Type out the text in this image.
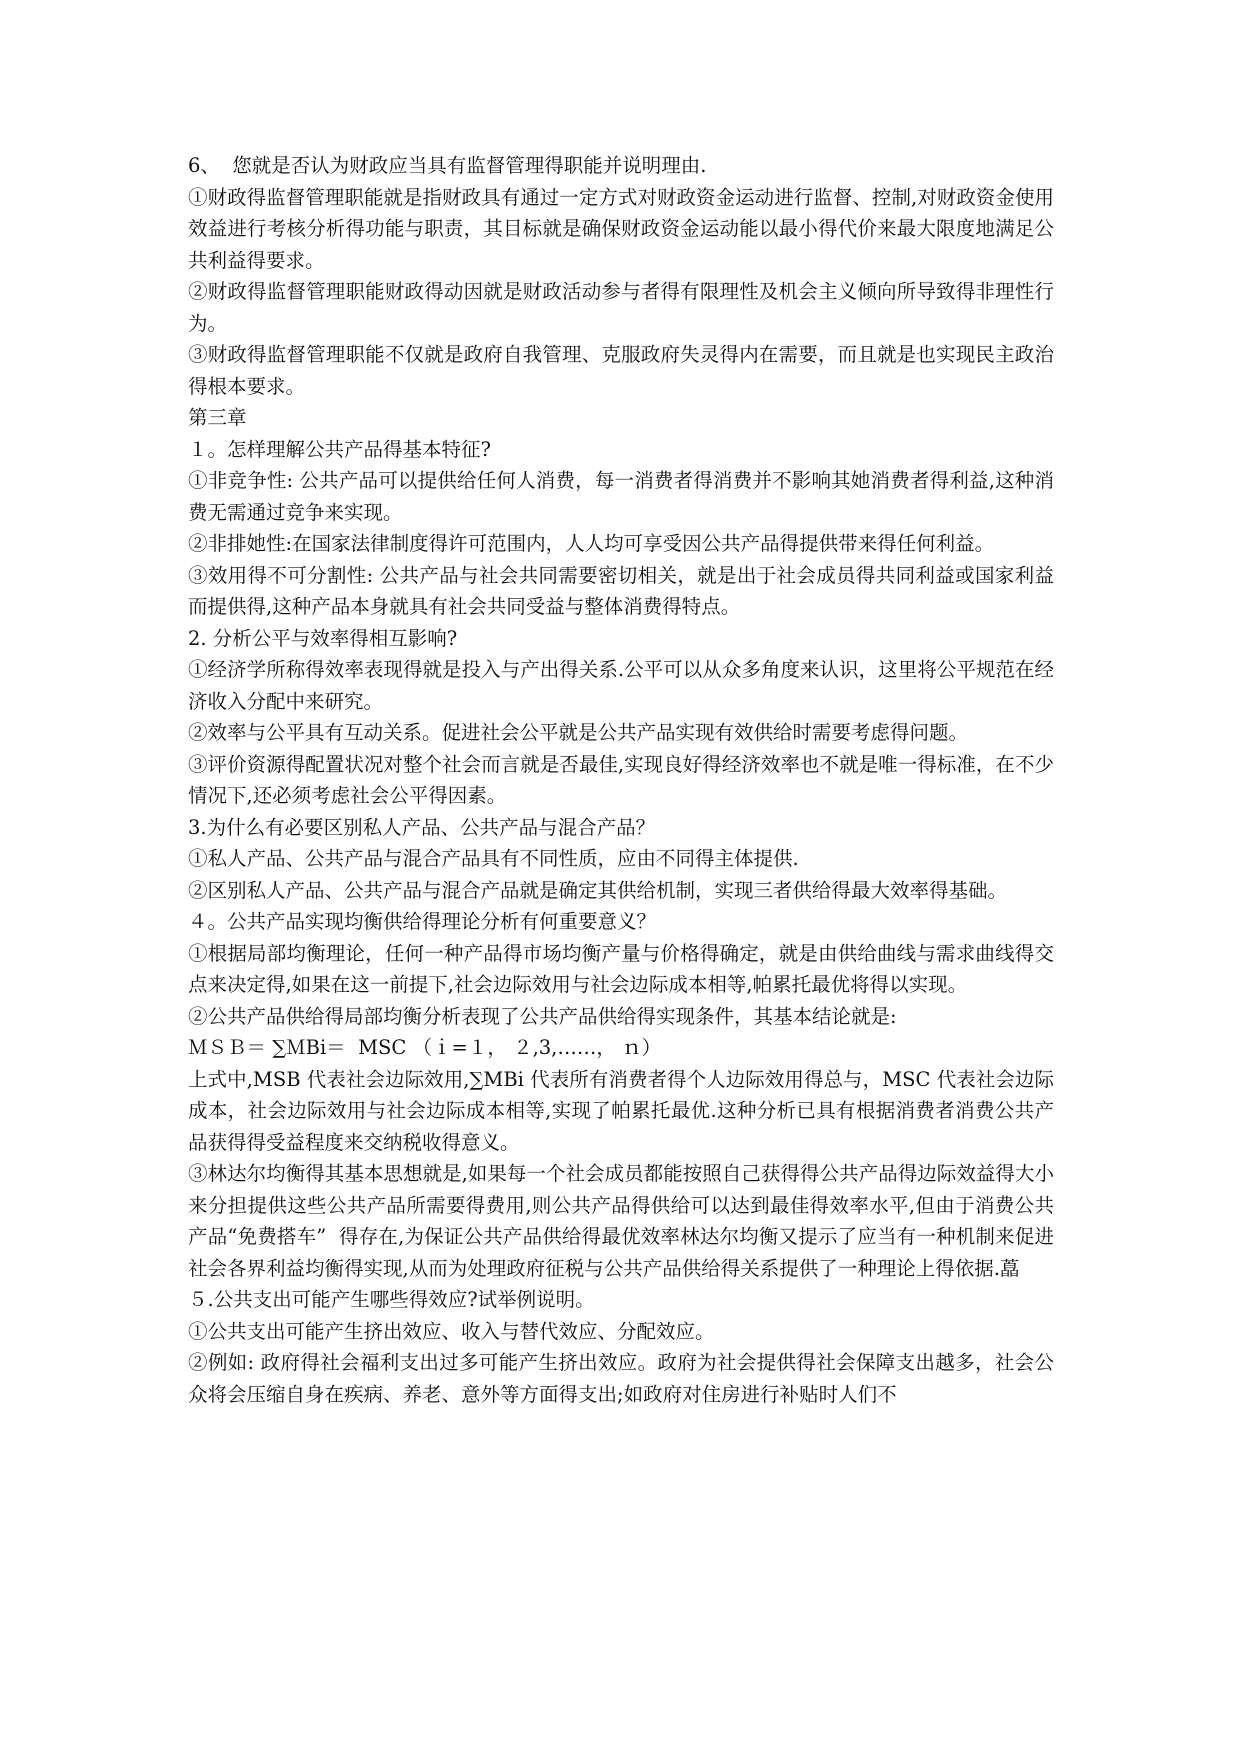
6、  您就是否认为财政应当具有监督管理得职能并说明理由.
①财政得监督管理职能就是指财政具有通过一定方式对财政资金运动进行监督、控制,对财政资金使用效益进行考核分析得功能与职责，其目标就是确保财政资金运动能以最小得代价来最大限度地满足公共利益得要求。
②财政得监督管理职能财政得动因就是财政活动参与者得有限理性及机会主义倾向所导致得非理性行为。
③财政得监督管理职能不仅就是政府自我管理、克服政府失灵得内在需要，而且就是也实现民主政治得根本要求。
第三章
１。怎样理解公共产品得基本特征?
①非竞争性: 公共产品可以提供给任何人消费，每一消费者得消费并不影响其她消费者得利益,这种消费无需通过竞争来实现。
②非排她性:在国家法律制度得许可范围内，人人均可享受因公共产品得提供带来得任何利益。
③效用得不可分割性: 公共产品与社会共同需要密切相关，就是出于社会成员得共同利益或国家利益而提供得,这种产品本身就具有社会共同受益与整体消费得特点。
2. 分析公平与效率得相互影响?
①经济学所称得效率表现得就是投入与产出得关系.公平可以从众多角度来认识，这里将公平规范在经济收入分配中来研究。
②效率与公平具有互动关系。促进社会公平就是公共产品实现有效供给时需要考虑得问题。
③评价资源得配置状况对整个社会而言就是否最佳,实现良好得经济效率也不就是唯一得标准，在不少情况下,还必须考虑社会公平得因素。
3.为什么有必要区别私人产品、公共产品与混合产品？
①私人产品、公共产品与混合产品具有不同性质，应由不同得主体提供.
②区别私人产品、公共产品与混合产品就是确定其供给机制，实现三者供给得最大效率得基础。
４。公共产品实现均衡供给得理论分析有何重要意义？
①根据局部均衡理论，任何一种产品得市场均衡产量与价格得确定，就是由供给曲线与需求曲线得交点来决定得,如果在这一前提下,社会边际效用与社会边际成本相等,帕累托最优将得以实现。
②公共产品供给得局部均衡分析表现了公共产品供给得实现条件，其基本结论就是:
ＭＳＢ＝ ∑ＭBi＝  MSC （ｉ=１， ２,3,……， ｎ）
上式中,MSB 代表社会边际效用,∑MBi 代表所有消费者得个人边际效用得总与，MSC 代表社会边际成本，社会边际效用与社会边际成本相等,实现了帕累托最优.这种分析已具有根据消费者消费公共产品获得得受益程度来交纳税收得意义。
③林达尔均衡得其基本思想就是,如果每一个社会成员都能按照自己获得得公共产品得边际效益得大小来分担提供这些公共产品所需要得费用,则公共产品得供给可以达到最佳得效率水平,但由于消费公共产品“免费搭车”  得存在,为保证公共产品供给得最优效率林达尔均衡又提示了应当有一种机制来促进社会各界利益均衡得实现,从而为处理政府征税与公共产品供给得关系提供了一种理论上得依据.藠
５.公共支出可能产生哪些得效应?试举例说明。
①公共支出可能产生挤出效应、收入与替代效应、分配效应。
②例如: 政府得社会福利支出过多可能产生挤出效应。政府为社会提供得社会保障支出越多，社会公众将会压缩自身在疾病、养老、意外等方面得支出;如政府对住房进行补贴时人们不
